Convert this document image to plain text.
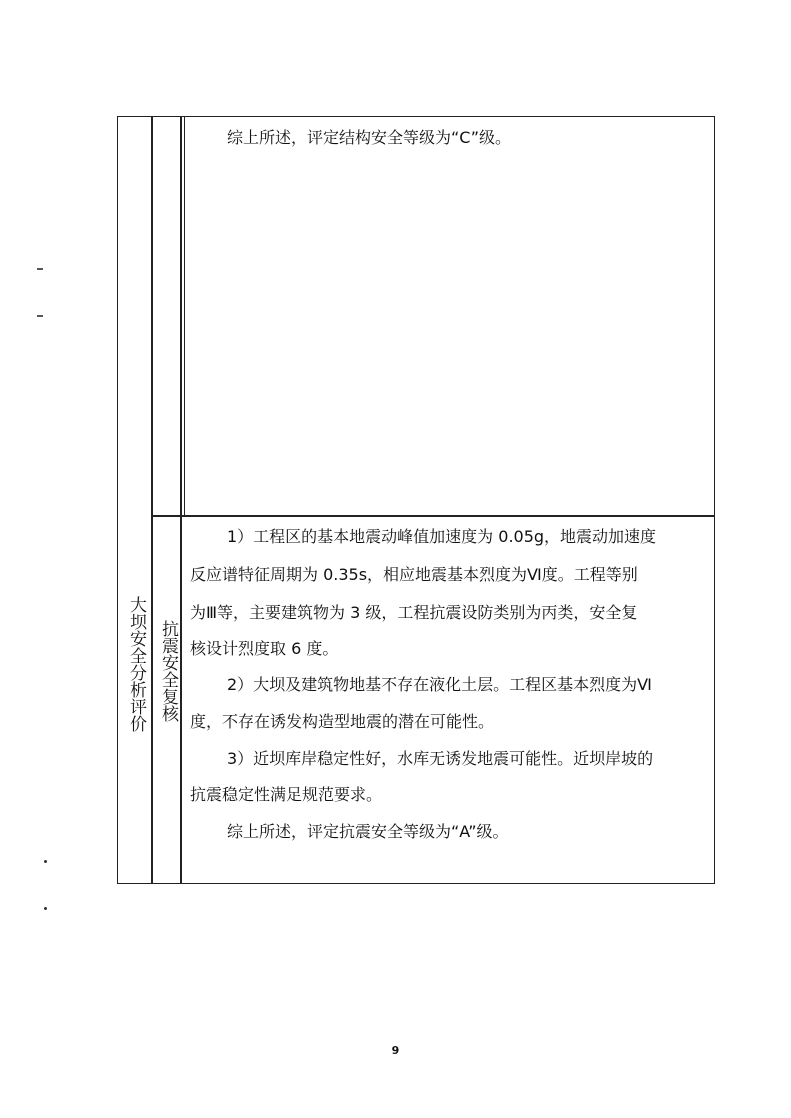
大坝安全分析评价
综上所述，评定结构安全等级为“C”级。
抗震安全复核
1）工程区的基本地震动峰值加速度为 0.05g，地震动加速度
反应谱特征周期为 0.35s，相应地震基本烈度为Ⅵ度。工程等别
为Ⅲ等，主要建筑物为 3 级，工程抗震设防类别为丙类，安全复
核设计烈度取 6 度。
2）大坝及建筑物地基不存在液化土层。工程区基本烈度为Ⅵ
度，不存在诱发构造型地震的潜在可能性。
3）近坝库岸稳定性好，水库无诱发地震可能性。近坝岸坡的
抗震稳定性满足规范要求。
综上所述，评定抗震安全等级为“A”级。
9
